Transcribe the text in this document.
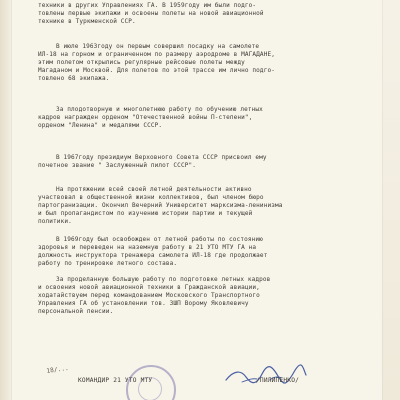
техники в других Управлениях ГА. В 1959году им были подго-
товлены первые экипажи и освоены полеты на новой авиационной
технике в Туркменской ССР.
В июле 1963году он первым совершил посадку на самолете
ИЛ-18 на горном и ограниченном по размеру аэродроме в МАГАДАНЕ,
этим полетом открылись регулярные рейсовые полеты между
Магаданом и Москвой. Для полетов по этой трассе им лично подго-
товлено 68 экипажа.
За плодотворную и многолетнюю работу по обучению летных
кадров награжден орденом "Отечественной войны П-степени",
орденом "Ленина" и медалями СССР.
В 1967году президиум Верховного Совета СССР присвоил ему
почетное звание " Заслуженный пилот СССР".
На протяжении всей своей летной деятельности активно
участвовал в общественной жизни коллективов, был членом бюро
партогранизации. Окончил Вечерний Университет марксизма-ленинизма
и был пропагандистом по изучению истории партии и текущей
политики.
В 1969году был освобожден от летной работы по состоянию
здоровья и переведен на наземную работу в 21 УТО МТУ ГА на
должность инструктора тренажера самолета ИЛ-18 где продолжает
работу по тренировке летного состава.
За проделанную большую работу по подготовке летных кадров
и освоения новой авиационной техники в Гражданской авиации,
ходатайствуем перед командованием Московского Транспортного
Управления ГА об установлении тов. ЗШП Ворому Яковлевичу
персональной пенсии.
18/...
КОМАНДИР 21 УТО МТУ	/ПИЛИПЕНКО/
